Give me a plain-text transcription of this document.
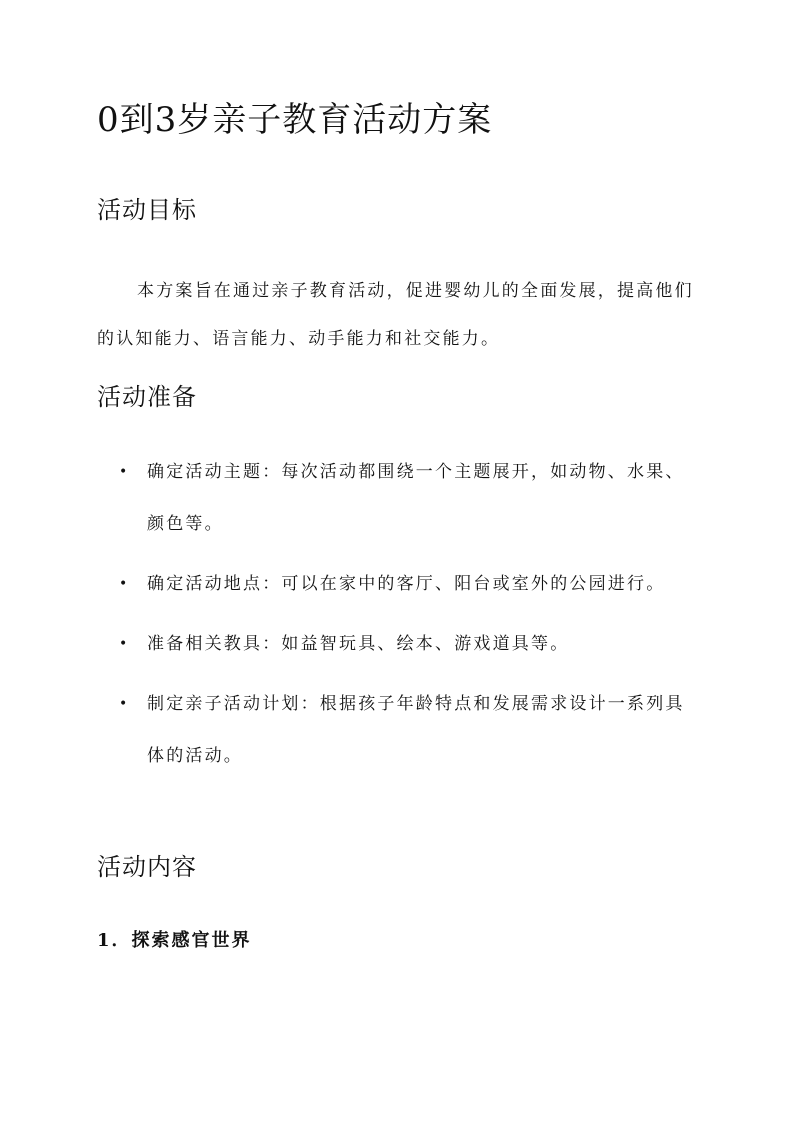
0到3岁亲子教育活动方案
活动目标

本方案旨在通过亲子教育活动，促进婴幼儿的全面发展，提高他们的认知能力、语言能力、动手能力和社交能力。

活动准备
• 确定活动主题：每次活动都围绕一个主题展开，如动物、水果、颜色等。
• 确定活动地点：可以在家中的客厅、阳台或室外的公园进行。
• 准备相关教具：如益智玩具、绘本、游戏道具等。
• 制定亲子活动计划：根据孩子年龄特点和发展需求设计一系列具体的活动。
活动内容
1．探索感官世界
